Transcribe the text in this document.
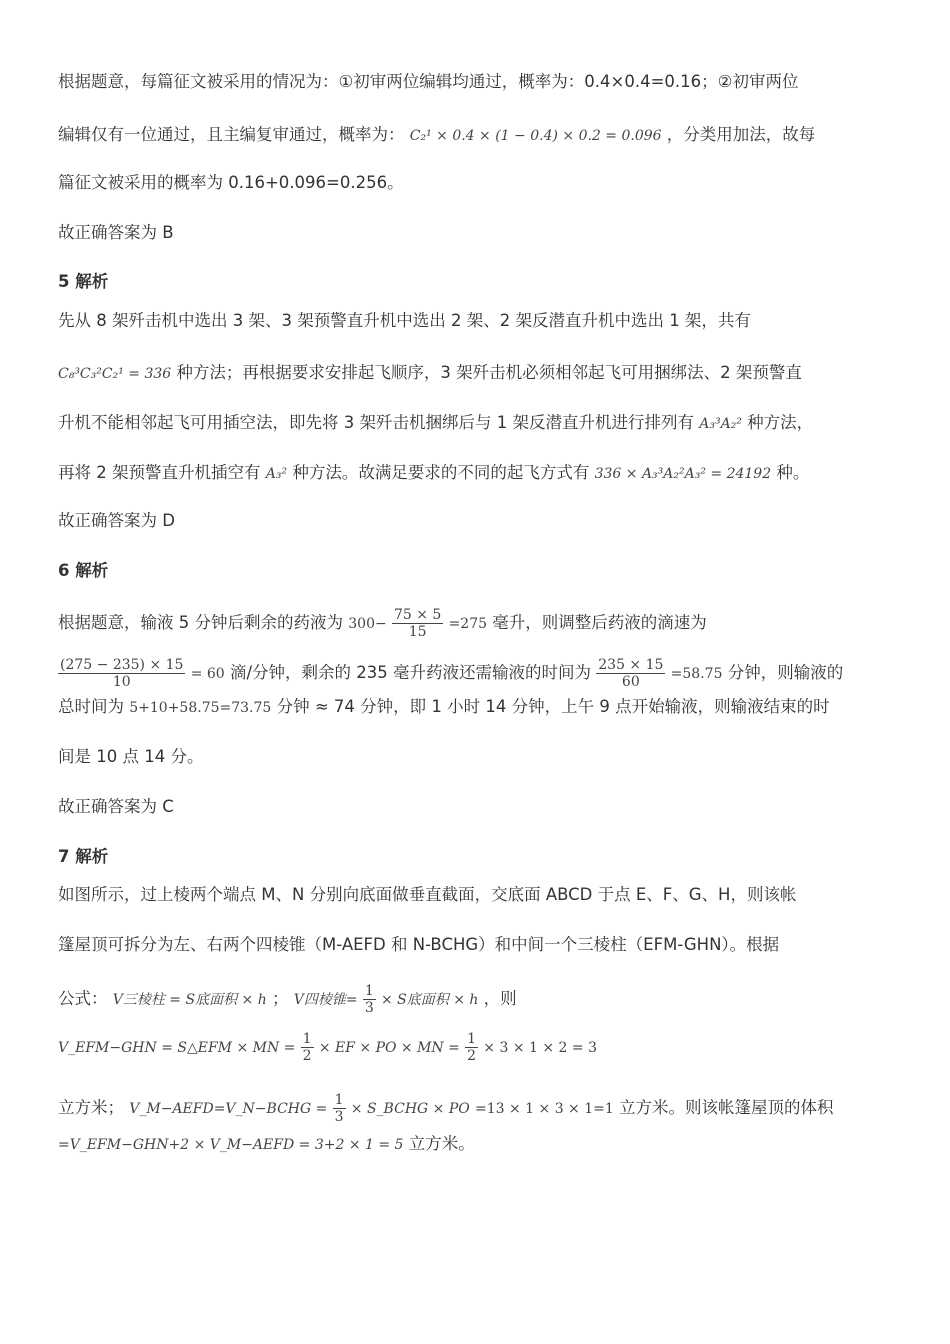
根据题意，每篇征文被采用的情况为：①初审两位编辑均通过，概率为：0.4×0.4=0.16；②初审两位
编辑仅有一位通过，且主编复审通过，概率为： C₂¹ × 0.4 × (1 − 0.4) × 0.2 = 0.096 ，分类用加法，故每
篇征文被采用的概率为 0.16+0.096=0.256。
故正确答案为 B
5 解析
先从 8 架歼击机中选出 3 架、3 架预警直升机中选出 2 架、2 架反潜直升机中选出 1 架，共有
C₈³C₃²C₂¹ = 336 种方法；再根据要求安排起飞顺序，3 架歼击机必须相邻起飞可用捆绑法、2 架预警直
升机不能相邻起飞可用插空法，即先将 3 架歼击机捆绑后与 1 架反潜直升机进行排列有 A₃³A₂² 种方法，
再将 2 架预警直升机插空有 A₃² 种方法。故满足要求的不同的起飞方式有 336 × A₃³A₂²A₃² = 24192 种。
故正确答案为 D
6 解析
根据题意，输液 5 分钟后剩余的药液为 $300- \frac{75 \times 5}{15} =275$ 毫升，则调整后药液的滴速为
$\frac{(275 - 235) \times 15}{10} = 60$ 滴/分钟，剩余的 235 毫升药液还需输液的时间为 $\frac{235 \times 15}{60} =58.75$ 分钟，则输液的
总时间为 5+10+58.75=73.75 分钟 ≈ 74 分钟，即 1 小时 14 分钟，上午 9 点开始输液，则输液结束的时
间是 10 点 14 分。
故正确答案为 C
7 解析
如图所示，过上棱两个端点 M、N 分别向底面做垂直截面，交底面 ABCD 于点 E、F、G、H，则该帐
篷屋顶可拆分为左、右两个四棱锥（M-AEFD 和 N-BCHG）和中间一个三棱柱（EFM-GHN）。根据
公式： V三棱柱 = S底面积 × h ； V四棱锥= $\frac{1}{3} \times S$底面积 × h ，则
V_EFM−GHN = S△EFM × MN = $\frac{1}{2}$ × EF × PO × MN = $\frac{1}{2} \times 3 \times 1 \times 2 = 3$
立方米； V_M−AEFD=V_N−BCHG = $\frac{1}{3}$ × S_BCHG × PO =13 × 1 × 3 × 1=1 立方米。则该帐篷屋顶的体积
=V_EFM−GHN+2 × V_M−AEFD = 3+2 × 1 = 5 立方米。
